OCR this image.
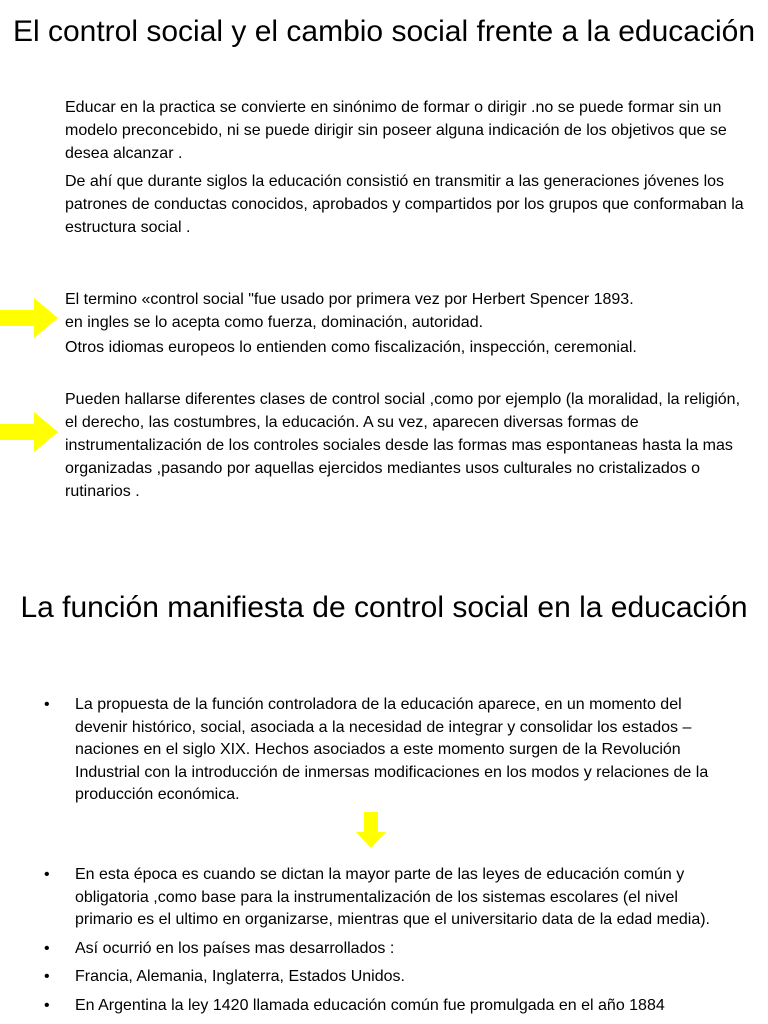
El control social y el cambio social frente a la educación

Educar en la practica se convierte en sinónimo de formar o dirigir .no se puede formar sin un modelo preconcebido, ni se puede dirigir sin poseer alguna indicación de los objetivos que se desea alcanzar .

De ahí que durante siglos la educación consistió en transmitir a las generaciones jóvenes los patrones de conductas conocidos, aprobados y compartidos por los grupos que conformaban la estructura social .

El termino «control social "fue usado por primera vez por Herbert Spencer 1893.
en ingles se lo acepta como fuerza, dominación, autoridad.

Otros idiomas europeos lo entienden como fiscalización, inspección, ceremonial.

Pueden hallarse diferentes clases de control social ,como por ejemplo (la moralidad, la religión, el derecho, las costumbres, la educación. A su vez, aparecen diversas formas de instrumentalización de los controles sociales desde las formas mas espontaneas hasta la mas organizadas ,pasando por aquellas ejercidos mediantes usos culturales no cristalizados o rutinarios .

La función manifiesta de control social en la educación
• La propuesta de la función controladora de la educación aparece, en un momento del devenir histórico, social, asociada a la necesidad de integrar y consolidar los estados –naciones en el siglo XIX. Hechos asociados a este momento surgen de la Revolución Industrial con la introducción de inmersas modificaciones en los modos y relaciones de la producción económica.
• En esta época es cuando se dictan la mayor parte de las leyes de educación común y obligatoria ,como base para la instrumentalización de los sistemas escolares (el nivel primario es el ultimo en organizarse, mientras que el universitario data de la edad media).
• Así ocurrió en los países mas desarrollados :
• Francia, Alemania, Inglaterra, Estados Unidos.
• En Argentina la ley 1420 llamada educación común fue promulgada en el año 1884
